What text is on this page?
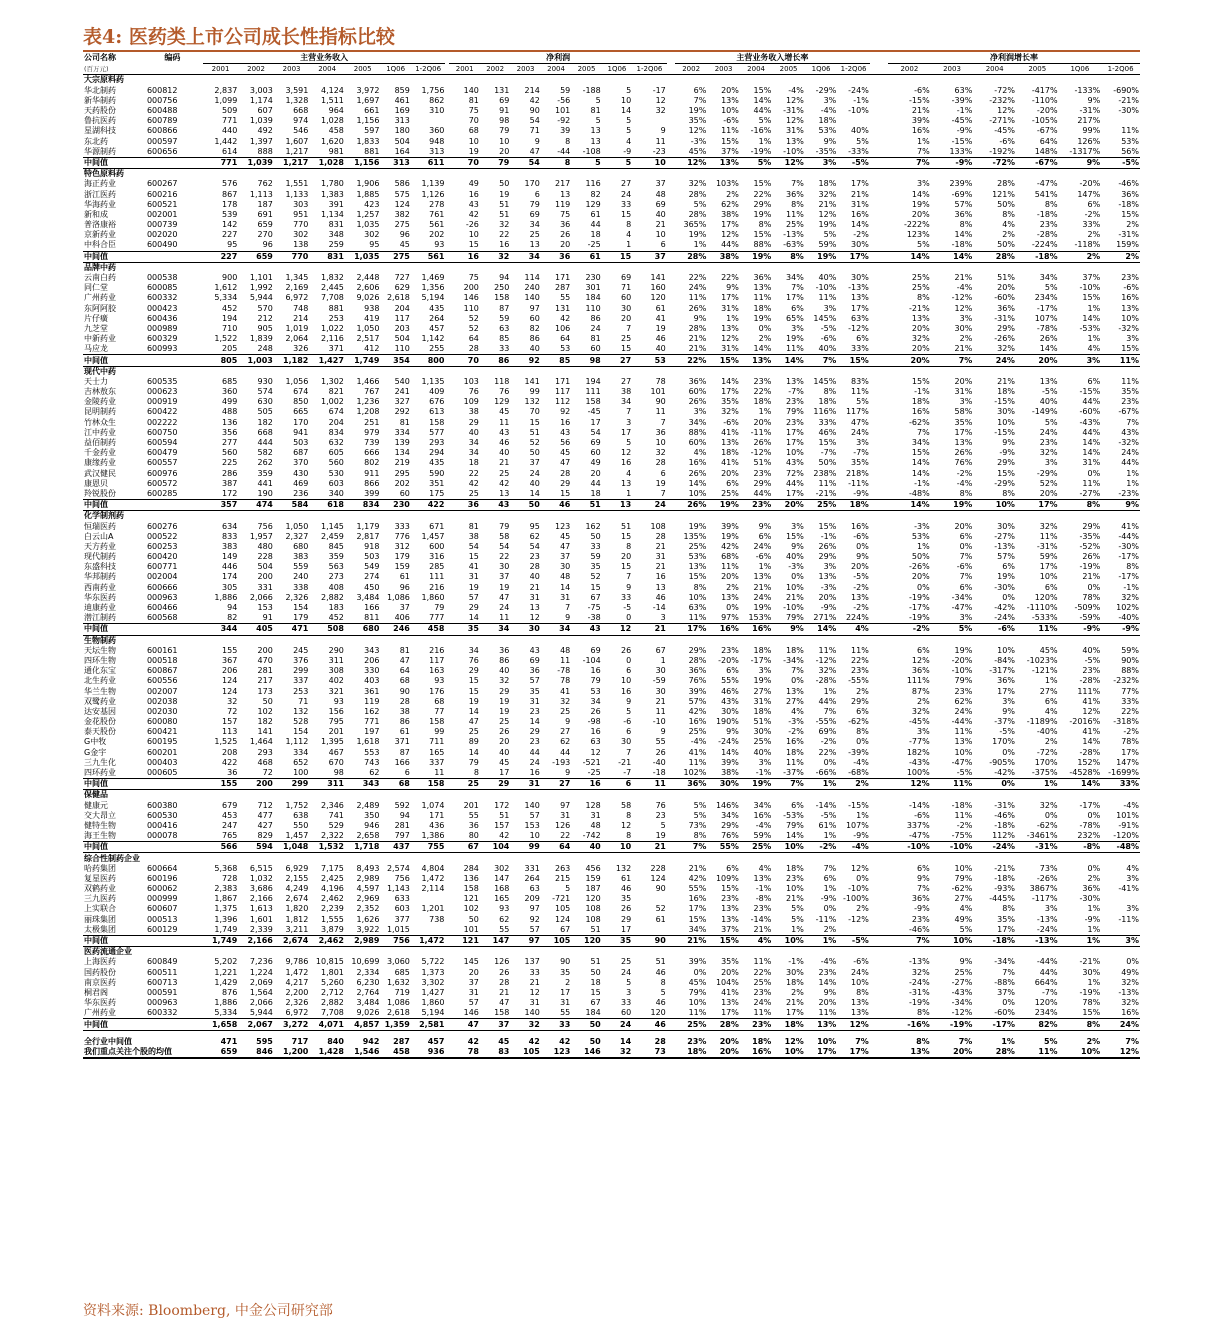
表4: 医药类上市公司成长性指标比较
公司名称	编码		主营业务收入								净利润								主营业务收入增长率							净利润增长率					
(百万元)			2001	2002	2003	2004	2005	1Q06	1-2Q06		2001	2002	2003	2004	2005	1Q06	1-2Q06		2002	2003	2004	2005	1Q06	1-2Q06		2002	2003	2004	2005	1Q06	1-2Q06
大宗原料药																															
华北制药	600812		2,837	3,003	3,591	4,124	3,972	859	1,756		140	131	214	59	-188	5	-17		6%	20%	15%	-4%	-29%	-24%		-6%	63%	-72%	-417%	-133%	-690%
新华制药	000756		1,099	1,174	1,328	1,511	1,697	461	862		81	69	42	-56	5	10	12		7%	13%	14%	12%	3%	-1%		-15%	-39%	-232%	-110%	9%	-21%
天药股份	600488		509	607	668	964	661	169	310		75	91	90	101	81	14	32		19%	10%	44%	-31%	-4%	-10%		21%	-1%	12%	-20%	-31%	-30%
鲁抗医药	600789		771	1,039	974	1,028	1,156	313			70	98	54	-92	5	5			35%	-6%	5%	12%	18%			39%	-45%	-271%	-105%	217%	
星湖科技	600866		440	492	546	458	597	180	360		68	79	71	39	13	5	9		12%	11%	-16%	31%	53%	40%		16%	-9%	-45%	-67%	99%	11%
东北药	000597		1,442	1,397	1,607	1,620	1,833	504	948		10	10	9	8	13	4	11		-3%	15%	1%	13%	9%	5%		1%	-15%	-6%	64%	126%	53%
华源制药	600656		614	888	1,217	981	881	164	313		19	20	47	-44	-108	-9	-23		45%	37%	-19%	-10%	-35%	-33%		7%	133%	-192%	148%	-1317%	56%
中间值			771	1,039	1,217	1,028	1,156	313	611		70	79	54	8	5	5	10		12%	13%	5%	12%	3%	-5%		7%	-9%	-72%	-67%	9%	-5%
特色原料药																															
海正药业	600267		576	762	1,551	1,780	1,906	586	1,139		49	50	170	217	116	27	37		32%	103%	15%	7%	18%	17%		3%	239%	28%	-47%	-20%	-46%
浙江医药	600216		867	1,113	1,133	1,383	1,885	575	1,126		16	19	6	13	82	24	48		28%	2%	22%	36%	32%	21%		14%	-69%	121%	541%	147%	36%
华海药业	600521		178	187	303	391	423	124	278		43	51	79	119	129	33	69		5%	62%	29%	8%	21%	31%		19%	57%	50%	8%	6%	-18%
新和成	002001		539	691	951	1,134	1,257	382	761		42	51	69	75	61	15	40		28%	38%	19%	11%	12%	16%		20%	36%	8%	-18%	-2%	15%
普洛康裕	000739		142	659	770	831	1,035	275	561		-26	32	34	36	44	8	21		365%	17%	8%	25%	19%	14%		-222%	8%	4%	23%	33%	2%
京新药业	002020		227	270	302	348	302	96	202		10	22	25	26	18	4	10		19%	12%	15%	-13%	5%	-2%		123%	14%	2%	-28%	2%	-31%
中科合臣	600490		95	96	138	259	95	45	93		15	16	13	20	-25	1	6		1%	44%	88%	-63%	59%	30%		5%	-18%	50%	-224%	-118%	159%
中间值			227	659	770	831	1,035	275	561		16	32	34	36	61	15	37		28%	38%	19%	8%	19%	17%		14%	14%	28%	-18%	2%	2%
品牌中药																															
云南白药	000538		900	1,101	1,345	1,832	2,448	727	1,469		75	94	114	171	230	69	141		22%	22%	36%	34%	40%	30%		25%	21%	51%	34%	37%	23%
同仁堂	600085		1,612	1,992	2,169	2,445	2,606	629	1,356		200	250	240	287	301	71	160		24%	9%	13%	7%	-10%	-13%		25%	-4%	20%	5%	-10%	-6%
广州药业	600332		5,334	5,944	6,972	7,708	9,026	2,618	5,194		146	158	140	55	184	60	120		11%	17%	11%	17%	11%	13%		8%	-12%	-60%	234%	15%	16%
东阿阿胶	000423		452	570	748	881	938	204	435		110	87	97	131	110	30	61		26%	31%	18%	6%	3%	17%		-21%	12%	36%	-17%	1%	13%
片仔癀	600436		194	212	214	253	419	117	264		52	59	60	42	86	20	41		9%	1%	19%	65%	145%	63%		13%	3%	-31%	107%	14%	10%
九芝堂	000989		710	905	1,019	1,022	1,050	203	457		52	63	82	106	24	7	19		28%	13%	0%	3%	-5%	-12%		20%	30%	29%	-78%	-53%	-32%
中新药业	600329		1,522	1,839	2,064	2,116	2,517	504	1,142		64	85	86	64	81	25	46		21%	12%	2%	19%	-6%	6%		32%	2%	-26%	26%	1%	3%
马应龙	600993		205	248	326	371	412	110	255		28	33	40	53	60	15	40		21%	31%	14%	11%	40%	33%		20%	21%	32%	14%	4%	15%
中间值			805	1,003	1,182	1,427	1,749	354	800		70	86	92	85	98	27	53		22%	15%	13%	14%	7%	15%		20%	7%	24%	20%	3%	11%
现代中药																															
天士力	600535		685	930	1,056	1,302	1,466	540	1,135		103	118	141	171	194	27	78		36%	14%	23%	13%	145%	83%		15%	20%	21%	13%	6%	11%
吉林敖东	000623		360	574	674	821	767	241	409		76	76	99	117	111	38	101		60%	17%	22%	-7%	8%	11%		-1%	31%	18%	-5%	-15%	35%
金陵药业	000919		499	630	850	1,002	1,236	327	676		109	129	132	112	158	34	90		26%	35%	18%	23%	18%	5%		18%	3%	-15%	40%	44%	23%
昆明制药	600422		488	505	665	674	1,208	292	613		38	45	70	92	-45	7	11		3%	32%	1%	79%	116%	117%		16%	58%	30%	-149%	-60%	-67%
竹林众生	002222		136	182	170	204	251	81	158		29	11	15	16	17	3	7		34%	-6%	20%	23%	33%	47%		-62%	35%	10%	5%	-43%	7%
江中药业	600750		356	668	941	834	979	334	577		40	43	51	43	54	17	36		88%	41%	-11%	17%	46%	24%		7%	17%	-15%	24%	44%	43%
益佰制药	600594		277	444	503	632	739	139	293		34	46	52	56	69	5	10		60%	13%	26%	17%	15%	3%		34%	13%	9%	23%	14%	-32%
千金药业	600479		560	582	687	605	666	134	294		34	40	50	45	60	12	32		4%	18%	-12%	10%	-7%	-7%		15%	26%	-9%	32%	14%	24%
康缘药业	600557		225	262	370	560	802	219	435		18	21	37	47	49	16	28		16%	41%	51%	43%	50%	35%		14%	76%	29%	3%	31%	44%
武汉健民	600976		286	359	430	530	911	295	590		22	25	24	28	20	4	6		26%	20%	23%	72%	238%	218%		14%	-2%	15%	-29%	0%	1%
康恩贝	600572		387	441	469	603	866	202	351		42	42	40	29	44	13	19		14%	6%	29%	44%	11%	-11%		-1%	-4%	-29%	52%	11%	1%
羚锐股份	600285		172	190	236	340	399	60	175		25	13	14	15	18	1	7		10%	25%	44%	17%	-21%	-9%		-48%	8%	8%	20%	-27%	-23%
中间值			357	474	584	618	834	230	422		36	43	50	46	51	13	24		26%	19%	23%	20%	25%	18%		14%	19%	10%	17%	8%	9%
化学制剂药																															
恒瑞医药	600276		634	756	1,050	1,145	1,179	333	671		81	79	95	123	162	51	108		19%	39%	9%	3%	15%	16%		-3%	20%	30%	32%	29%	41%
白云山A	000522		833	1,957	2,327	2,459	2,817	776	1,457		38	58	62	45	50	15	28		135%	19%	6%	15%	-1%	-6%		53%	6%	-27%	11%	-35%	-44%
天方药业	600253		383	480	680	845	918	312	600		54	54	54	47	33	8	21		25%	42%	24%	9%	26%	0%		1%	0%	-13%	-31%	-52%	-30%
现代制药	600420		149	228	383	359	503	179	316		15	22	23	37	59	20	31		53%	68%	-6%	40%	29%	9%		50%	7%	57%	59%	26%	-17%
东盛科技	600771		446	504	559	563	549	159	285		41	30	28	30	35	15	21		13%	11%	1%	-3%	3%	20%		-26%	-6%	6%	17%	-19%	8%
华邦制药	002004		174	200	240	273	274	61	111		31	37	40	48	52	7	16		15%	20%	13%	0%	13%	-5%		20%	7%	19%	10%	21%	-17%
西南药业	600666		305	331	338	408	450	96	216		19	19	21	14	15	9	13		8%	2%	21%	10%	-3%	-2%		0%	6%	-30%	6%	0%	-1%
华东医药	000963		1,886	2,066	2,326	2,882	3,484	1,086	1,860		57	47	31	31	67	33	46		10%	13%	24%	21%	20%	13%		-19%	-34%	0%	120%	78%	32%
迪康药业	600466		94	153	154	183	166	37	79		29	24	13	7	-75	-5	-14		63%	0%	19%	-10%	-9%	-2%		-17%	-47%	-42%	-1110%	-509%	102%
潜江制药	600568		82	91	179	452	811	406	777		14	11	12	9	-38	0	3		11%	97%	153%	79%	271%	224%		-19%	3%	-24%	-533%	-59%	-40%
中间值			344	405	471	508	680	246	458		35	34	30	34	43	12	21		17%	16%	16%	9%	14%	4%		-2%	5%	-6%	11%	-9%	-9%
生物制药																															
天坛生物	600161		155	200	245	290	343	81	216		34	36	43	48	69	26	67		29%	23%	18%	18%	11%	11%		6%	19%	10%	45%	40%	59%
四环生物	000518		367	470	376	311	206	47	117		76	86	69	11	-104	0	1		28%	-20%	-17%	-34%	-12%	22%		12%	-20%	-84%	-1023%	-5%	90%
通化东宝	600867		206	281	299	308	330	64	163		29	40	36	-78	16	6	30		36%	6%	3%	7%	32%	23%		36%	-10%	-317%	-121%	23%	88%
北生药业	600556		124	217	337	402	403	68	93		15	32	57	78	79	10	-59		76%	55%	19%	0%	-28%	-55%		111%	79%	36%	1%	-28%	-232%
华兰生物	002007		124	173	253	321	361	90	176		15	29	35	41	53	16	30		39%	46%	27%	13%	1%	2%		87%	23%	17%	27%	111%	77%
双鹭药业	002038		32	50	71	93	119	28	68		19	19	31	32	34	9	21		57%	43%	31%	27%	44%	29%		2%	62%	3%	6%	41%	33%
达安基因	002030		72	102	132	156	162	38	77		14	19	23	25	26	5	11		42%	30%	18%	4%	7%	6%		32%	24%	9%	4%	12%	22%
金花股份	600080		157	182	528	795	771	86	158		47	25	14	9	-98	-6	-10		16%	190%	51%	-3%	-55%	-62%		-45%	-44%	-37%	-1189%	-2016%	-318%
泰天股份	600421		113	141	154	201	197	61	99		25	26	29	27	16	6	9		25%	9%	30%	-2%	69%	8%		3%	11%	-5%	-40%	41%	-2%
G中牧	600195		1,525	1,464	1,112	1,395	1,618	371	711		89	20	23	62	63	30	55		-4%	-24%	25%	16%	-2%	0%		-77%	13%	170%	2%	14%	78%
G金宇	600201		208	293	334	467	553	87	165		14	40	44	44	12	7	26		41%	14%	40%	18%	22%	-39%		182%	10%	0%	-72%	-28%	17%
三九生化	000403		422	468	652	670	743	166	337		79	45	24	-193	-521	-21	-40		11%	39%	3%	11%	0%	-4%		-43%	-47%	-905%	170%	152%	147%
四环药业	000605		36	72	100	98	62	6	11		8	17	16	9	-25	-7	-18		102%	38%	-1%	-37%	-66%	-68%		100%	-5%	-42%	-375%	-4528%	-1699%
中间值			155	200	299	311	343	68	158		25	29	31	27	16	6	11		36%	30%	19%	7%	1%	2%		12%	11%	0%	1%	14%	33%
保健品																															
健康元	600380		679	712	1,752	2,346	2,489	592	1,074		201	172	140	97	128	58	76		5%	146%	34%	6%	-14%	-15%		-14%	-18%	-31%	32%	-17%	-4%
交大昂立	600530		453	477	638	741	350	94	171		55	51	57	31	31	8	23		5%	34%	16%	-53%	-5%	1%		-6%	11%	-46%	0%	0%	101%
健特生物	000416		247	427	550	529	946	281	436		36	157	153	126	48	12	5		73%	29%	-4%	79%	61%	107%		337%	-2%	-18%	-62%	-78%	-91%
海王生物	000078		765	829	1,457	2,322	2,658	797	1,386		80	42	10	22	-742	8	19		8%	76%	59%	14%	1%	-9%		-47%	-75%	112%	-3461%	232%	-120%
中间值			566	594	1,048	1,532	1,718	437	755		67	104	99	64	40	10	21		7%	55%	25%	10%	-2%	-4%		-10%	-10%	-24%	-31%	-8%	-48%
综合性制药企业																															
哈药集团	600664		5,368	6,515	6,929	7,175	8,493	2,574	4,804		284	302	331	263	456	132	228		21%	6%	4%	18%	7%	12%		6%	10%	-21%	73%	0%	4%
复星医药	600196		728	1,032	2,155	2,425	2,989	756	1,472		136	147	264	215	159	61	124		42%	109%	13%	23%	6%	0%		9%	79%	-18%	-26%	2%	3%
双鹤药业	600062		2,383	3,686	4,249	4,196	4,597	1,143	2,114		158	168	63	5	187	46	90		55%	15%	-1%	10%	1%	-10%		7%	-62%	-93%	3867%	36%	-41%
三九医药	000999		1,867	2,166	2,674	2,462	2,969	633			121	165	209	-721	120	35			16%	23%	-8%	21%	-9%	-100%		36%	27%	-445%	-117%	-30%	
上实联合	600607		1,375	1,613	1,820	2,239	2,352	603	1,201		102	93	97	105	108	26	52		17%	13%	23%	5%	0%	2%		-9%	4%	8%	3%	1%	3%
丽珠集团	000513		1,396	1,601	1,812	1,555	1,626	377	738		50	62	92	124	108	29	61		15%	13%	-14%	5%	-11%	-12%		23%	49%	35%	-13%	-9%	-11%
太极集团	600129		1,749	2,339	3,211	3,879	3,922	1,015			101	55	57	67	51	17			34%	37%	21%	1%	2%			-46%	5%	17%	-24%	1%	
中间值			1,749	2,166	2,674	2,462	2,989	756	1,472		121	147	97	105	120	35	90		21%	15%	4%	10%	1%	-5%		7%	10%	-18%	-13%	1%	3%
医药流通企业																															
上海医药	600849		5,202	7,236	9,786	10,815	10,699	3,060	5,722		145	126	137	90	51	25	51		39%	35%	11%	-1%	-4%	-6%		-13%	9%	-34%	-44%	-21%	0%
国药股份	600511		1,221	1,224	1,472	1,801	2,334	685	1,373		20	26	33	35	50	24	46		0%	20%	22%	30%	23%	24%		32%	25%	7%	44%	30%	49%
南京医药	600713		1,429	2,069	4,217	5,260	6,230	1,632	3,302		37	28	21	2	18	5	8		45%	104%	25%	18%	14%	10%		-24%	-27%	-88%	664%	1%	32%
桐君阁	000591		876	1,564	2,200	2,712	2,764	719	1,427		31	21	12	17	15	3	5		79%	41%	23%	2%	9%	8%		-31%	-43%	37%	-7%	-19%	-13%
华东医药	000963		1,886	2,066	2,326	2,882	3,484	1,086	1,860		57	47	31	31	67	33	46		10%	13%	24%	21%	20%	13%		-19%	-34%	0%	120%	78%	32%
广州药业	600332		5,334	5,944	6,972	7,708	9,026	2,618	5,194		146	158	140	55	184	60	120		11%	17%	11%	17%	11%	13%		8%	-12%	-60%	234%	15%	16%
中间值			1,658	2,067	3,272	4,071	4,857	1,359	2,581		47	37	32	33	50	24	46		25%	28%	23%	18%	13%	12%		-16%	-19%	-17%	82%	8%	24%

全行业中间值			471	595	717	840	942	287	457		42	45	42	42	50	14	28		23%	20%	18%	12%	10%	7%		8%	7%	1%	5%	2%	7%
我们重点关注个股的均值			659	846	1,200	1,428	1,546	458	936		78	83	105	123	146	32	73		18%	20%	16%	10%	17%	17%		13%	20%	28%	11%	10%	12%
资料来源: Bloomberg, 中金公司研究部
